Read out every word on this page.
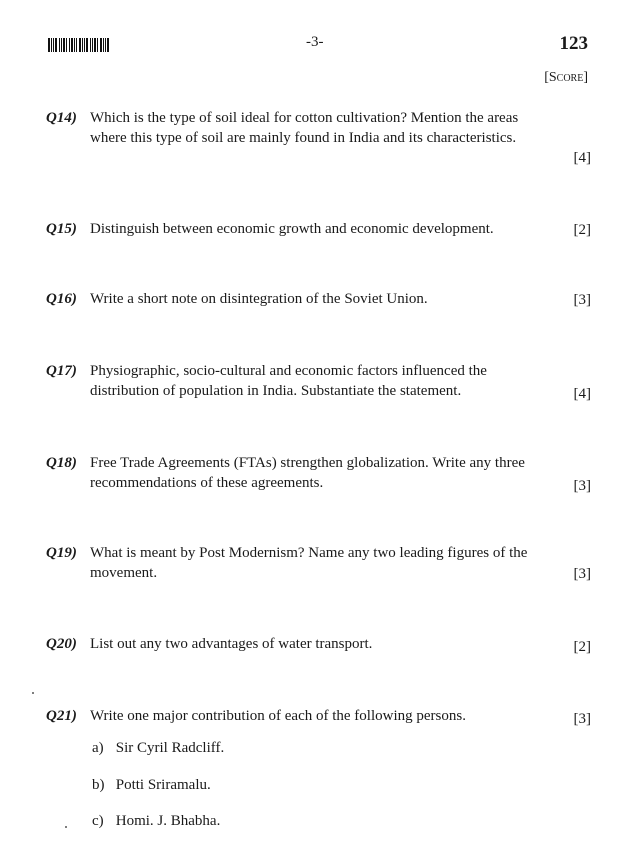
-3-	123
[Score]
Q14) Which is the type of soil ideal for cotton cultivation? Mention the areas where this type of soil are mainly found in India and its characteristics.
[4]
Q15) Distinguish between economic growth and economic development.	[2]
Q16) Write a short note on disintegration of the Soviet Union.	[3]
Q17) Physiographic, socio-cultural and economic factors influenced the distribution of population in India. Substantiate the statement.	[4]
Q18) Free Trade Agreements (FTAs) strengthen globalization. Write any three recommendations of these agreements.	[3]
Q19) What is meant by Post Modernism? Name any two leading figures of the movement.	[3]
Q20) List out any two advantages of water transport.	[2]
Q21) Write one major contribution of each of the following persons.	[3]
a) Sir Cyril Radcliff.
b) Potti Sriramalu.
c) Homi. J. Bhabha.
